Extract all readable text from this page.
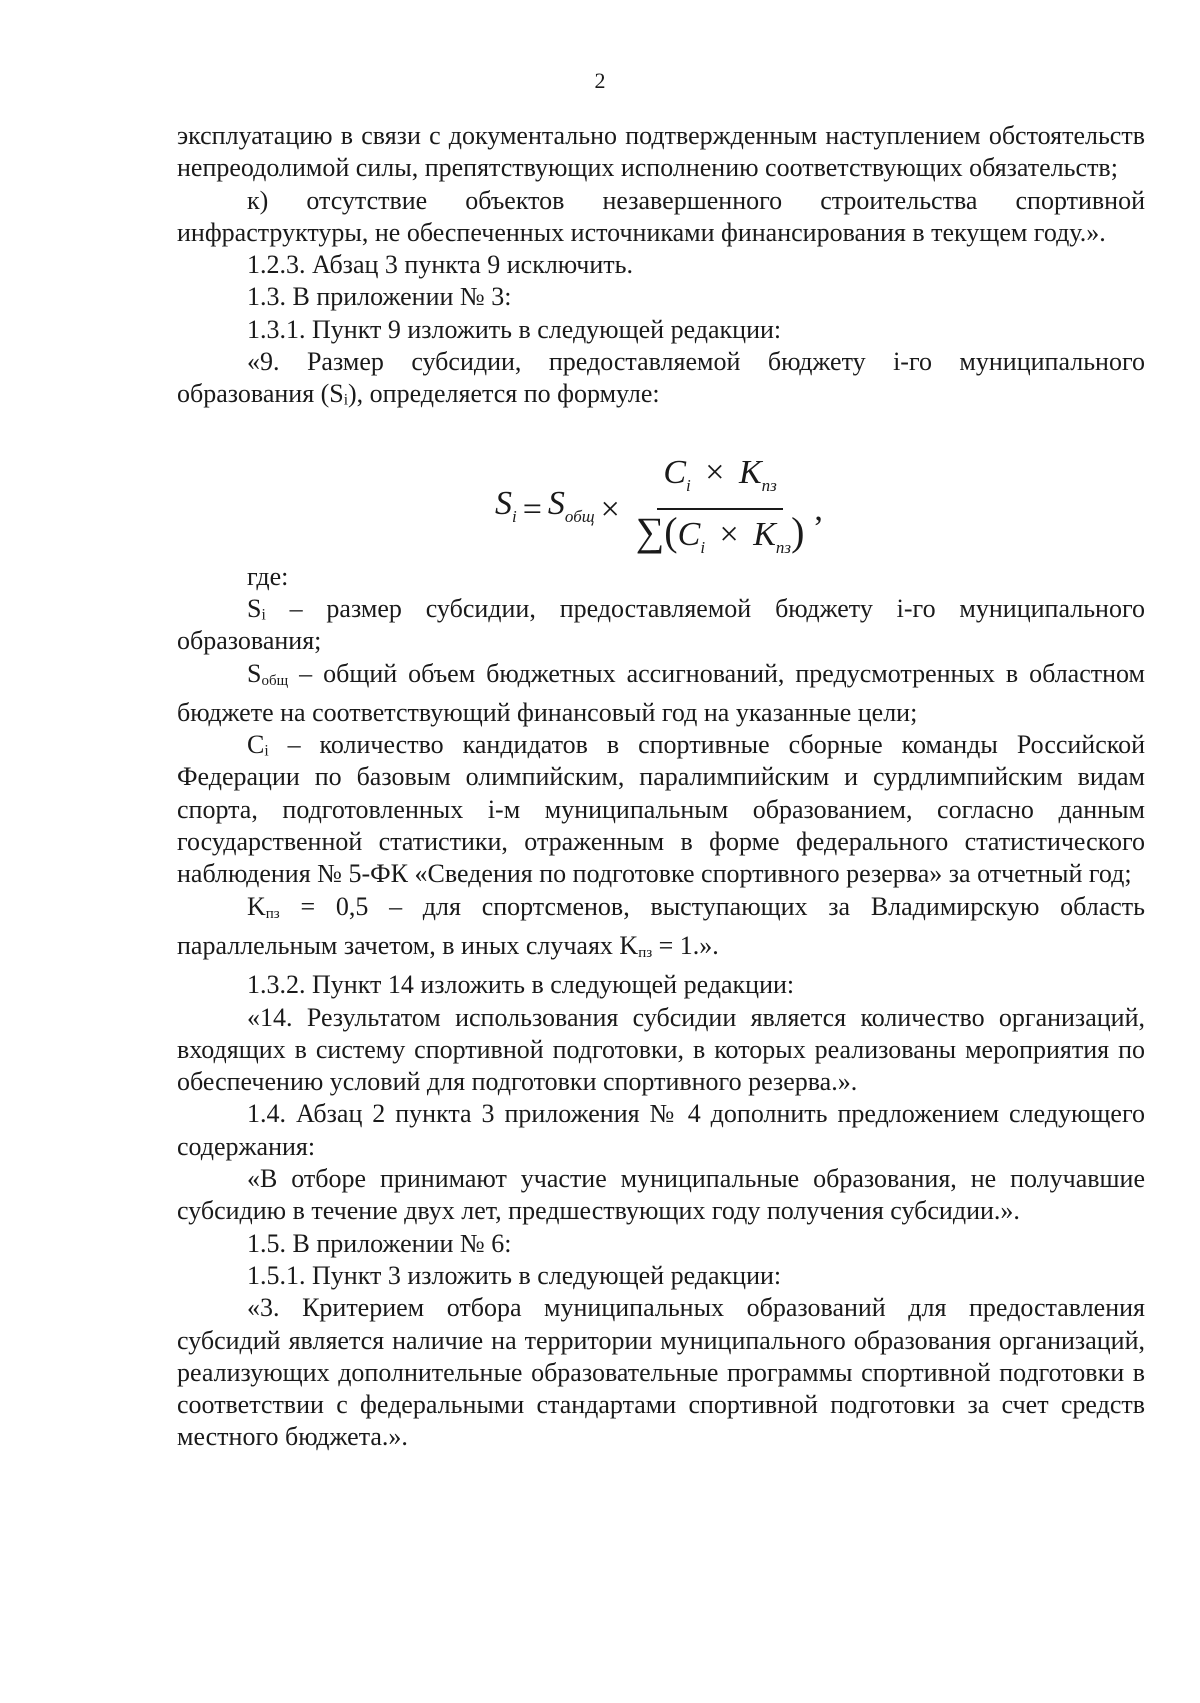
2

эксплуатацию в связи с документально подтвержденным наступлением обстоятельств непреодолимой силы, препятствующих исполнению соответствующих обязательств;

к) отсутствие объектов незавершенного строительства спортивной инфраструктуры, не обеспеченных источниками финансирования в текущем году.».

1.2.3. Абзац 3 пункта 9 исключить.

1.3. В приложении № 3:

1.3.1. Пункт 9 изложить в следующей редакции:

«9. Размер субсидии, предоставляемой бюджету i-го муниципального образования (Sᵢ), определяется по формуле:

$S_i = S_{общ} \times \frac{C_i \times K_{пз}}{\sum(C_i \times K_{пз})}$ ,

где:

Sᵢ – размер субсидии, предоставляемой бюджету i-го муниципального образования;

Sобщ – общий объем бюджетных ассигнований, предусмотренных в областном бюджете на соответствующий финансовый год на указанные цели;

Cᵢ – количество кандидатов в спортивные сборные команды Российской Федерации по базовым олимпийским, паралимпийским и сурдлимпийским видам спорта, подготовленных i-м муниципальным образованием, согласно данным государственной статистики, отраженным в форме федерального статистического наблюдения № 5-ФК «Сведения по подготовке спортивного резерва» за отчетный год;

Kпз = 0,5 – для спортсменов, выступающих за Владимирскую область параллельным зачетом, в иных случаях Kпз = 1.».

1.3.2. Пункт 14 изложить в следующей редакции:

«14. Результатом использования субсидии является количество организаций, входящих в систему спортивной подготовки, в которых реализованы мероприятия по обеспечению условий для подготовки спортивного резерва.».

1.4. Абзац 2 пункта 3 приложения № 4 дополнить предложением следующего содержания:

«В отборе принимают участие муниципальные образования, не получавшие субсидию в течение двух лет, предшествующих году получения субсидии.».

1.5. В приложении № 6:

1.5.1. Пункт 3 изложить в следующей редакции:

«3. Критерием отбора муниципальных образований для предоставления субсидий является наличие на территории муниципального образования организаций, реализующих дополнительные образовательные программы спортивной подготовки в соответствии с федеральными стандартами спортивной подготовки за счет средств местного бюджета.».
